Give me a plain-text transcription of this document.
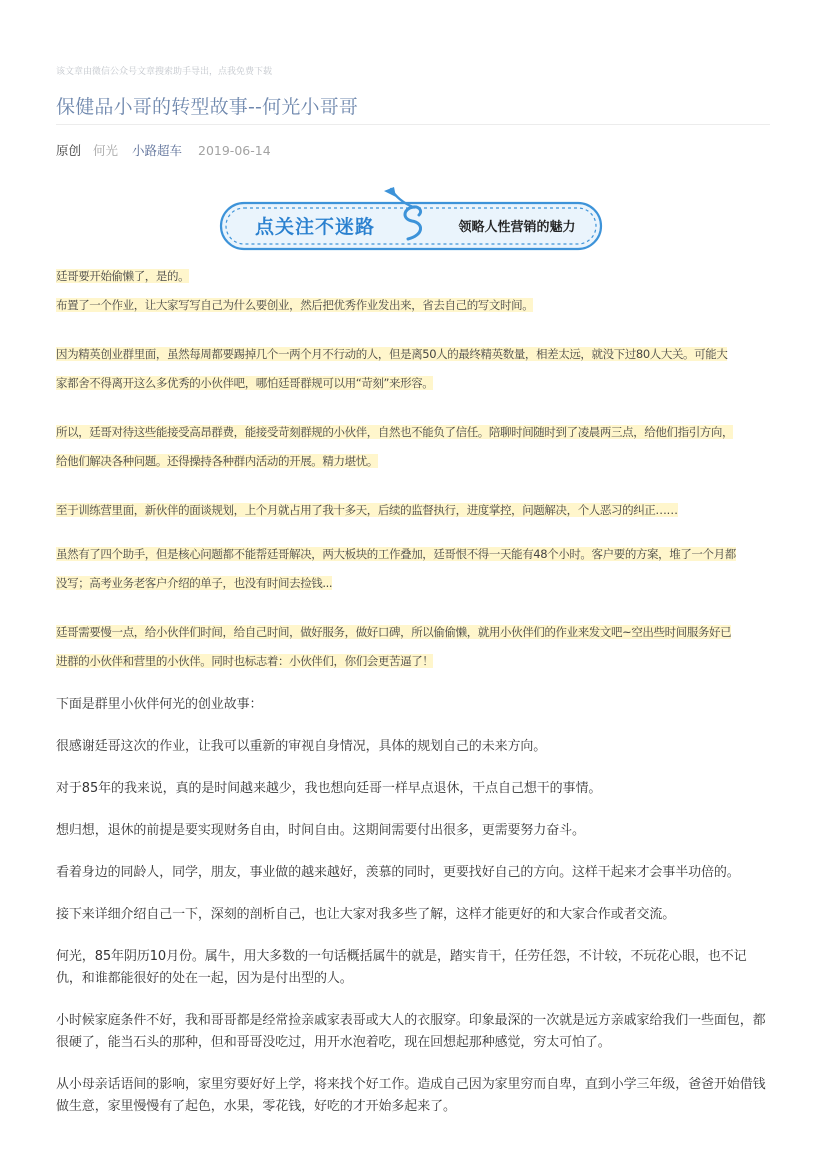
该文章由微信公众号文章搜索助手导出，点我免费下载
保健品小哥的转型故事--何光小哥哥
原创 何光 小路超车 2019-06-14
点关注不迷路	领略人性营销的魅力
廷哥要开始偷懒了，是的。
布置了一个作业，让大家写写自己为什么要创业，然后把优秀作业发出来，省去自己的写文时间。
因为精英创业群里面，虽然每周都要踢掉几个一两个月不行动的人，但是离50人的最终精英数量，相差太远，就没下过80人大关。可能大
家都舍不得离开这么多优秀的小伙伴吧，哪怕廷哥群规可以用“苛刻”来形容。
所以，廷哥对待这些能接受高昂群费，能接受苛刻群规的小伙伴，自然也不能负了信任。陪聊时间随时到了凌晨两三点，给他们指引方向，
给他们解决各种问题。还得操持各种群内活动的开展。精力堪忧。
至于训练营里面，新伙伴的面谈规划，上个月就占用了我十多天，后续的监督执行，进度掌控，问题解决，个人恶习的纠正……
虽然有了四个助手，但是核心问题都不能帮廷哥解决，两大板块的工作叠加，廷哥恨不得一天能有48个小时。客户要的方案，堆了一个月都
没写；高考业务老客户介绍的单子，也没有时间去捡钱...
廷哥需要慢一点，给小伙伴们时间，给自己时间，做好服务，做好口碑，所以偷偷懒，就用小伙伴们的作业来发文吧~空出些时间服务好已
进群的小伙伴和营里的小伙伴。同时也标志着：小伙伴们，你们会更苦逼了！

下面是群里小伙伴何光的创业故事：

很感谢廷哥这次的作业，让我可以重新的审视自身情况，具体的规划自己的未来方向。

对于85年的我来说，真的是时间越来越少，我也想向廷哥一样早点退休，干点自己想干的事情。

想归想，退休的前提是要实现财务自由，时间自由。这期间需要付出很多，更需要努力奋斗。

看着身边的同龄人，同学，朋友，事业做的越来越好，羡慕的同时，更要找好自己的方向。这样干起来才会事半功倍的。

接下来详细介绍自己一下，深刻的剖析自己，也让大家对我多些了解，这样才能更好的和大家合作或者交流。

何光，85年阴历10月份。属牛，用大多数的一句话概括属牛的就是，踏实肯干，任劳任怨，不计较，不玩花心眼，也不记仇，和谁都能很好的处在一起，因为是付出型的人。

小时候家庭条件不好，我和哥哥都是经常捡亲戚家表哥或大人的衣服穿。印象最深的一次就是远方亲戚家给我们一些面包，都很硬了，能当石头的那种，但和哥哥没吃过，用开水泡着吃，现在回想起那种感觉，穷太可怕了。

从小母亲话语间的影响，家里穷要好好上学，将来找个好工作。造成自己因为家里穷而自卑，直到小学三年级，爸爸开始借钱做生意，家里慢慢有了起色，水果，零花钱，好吃的才开始多起来了。
